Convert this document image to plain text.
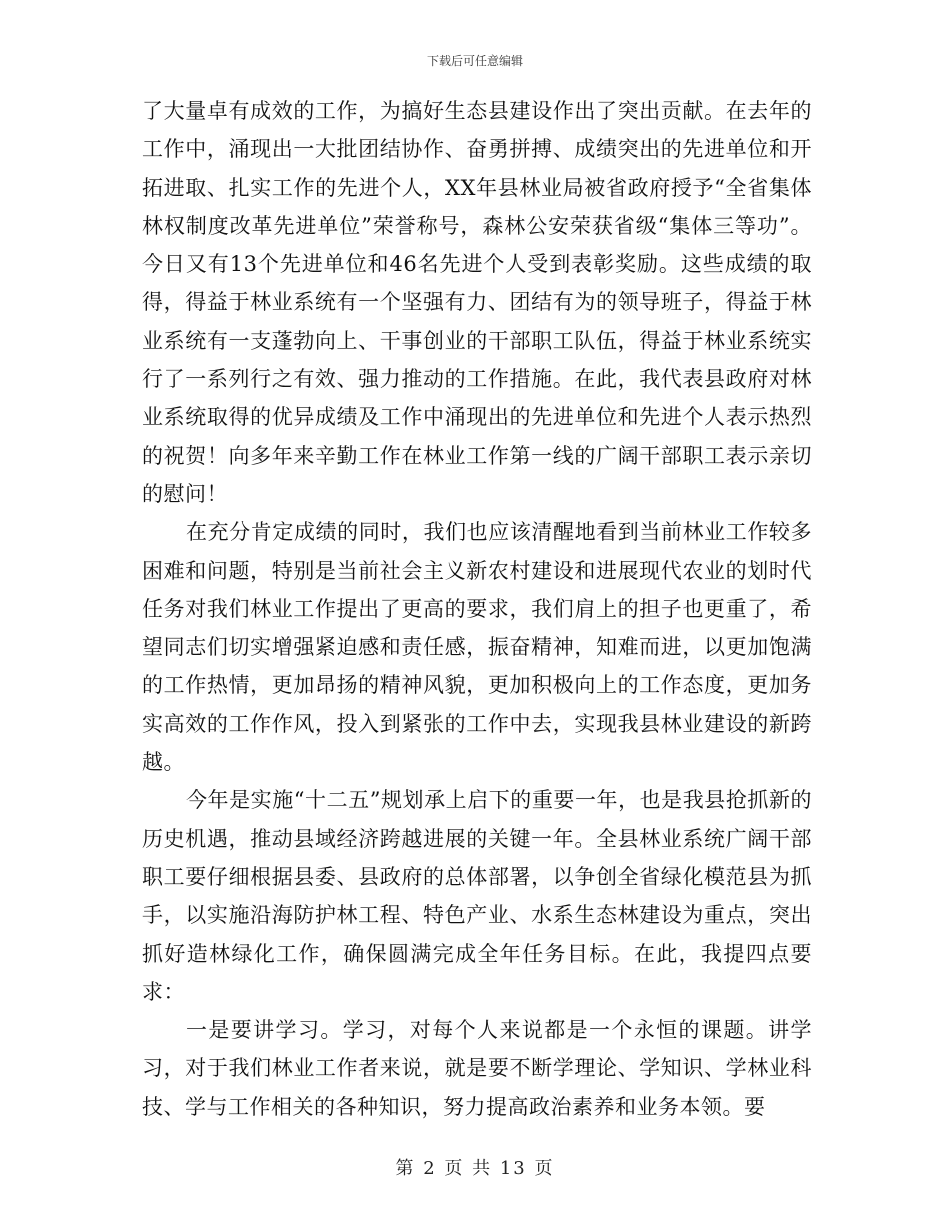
下载后可任意编辑

了大量卓有成效的工作，为搞好生态县建设作出了突出贡献。在去年的工作中，涌现出一大批团结协作、奋勇拼搏、成绩突出的先进单位和开拓进取、扎实工作的先进个人，XX年县林业局被省政府授予“全省集体林权制度改革先进单位”荣誉称号，森林公安荣获省级“集体三等功”。今日又有13个先进单位和46名先进个人受到表彰奖励。这些成绩的取得，得益于林业系统有一个坚强有力、团结有为的领导班子，得益于林业系统有一支蓬勃向上、干事创业的干部职工队伍，得益于林业系统实行了一系列行之有效、强力推动的工作措施。在此，我代表县政府对林业系统取得的优异成绩及工作中涌现出的先进单位和先进个人表示热烈的祝贺！向多年来辛勤工作在林业工作第一线的广阔干部职工表示亲切的慰问！

在充分肯定成绩的同时，我们也应该清醒地看到当前林业工作较多困难和问题，特别是当前社会主义新农村建设和进展现代农业的划时代任务对我们林业工作提出了更高的要求，我们肩上的担子也更重了，希望同志们切实增强紧迫感和责任感，振奋精神，知难而进，以更加饱满的工作热情，更加昂扬的精神风貌，更加积极向上的工作态度，更加务实高效的工作作风，投入到紧张的工作中去，实现我县林业建设的新跨越。

今年是实施“十二五”规划承上启下的重要一年，也是我县抢抓新的历史机遇，推动县域经济跨越进展的关键一年。全县林业系统广阔干部职工要仔细根据县委、县政府的总体部署，以争创全省绿化模范县为抓手，以实施沿海防护林工程、特色产业、水系生态林建设为重点，突出抓好造林绿化工作，确保圆满完成全年任务目标。在此，我提四点要求：

一是要讲学习。学习，对每个人来说都是一个永恒的课题。讲学习，对于我们林业工作者来说，就是要不断学理论、学知识、学林业科技、学与工作相关的各种知识，努力提高政治素养和业务本领。要

第 2 页 共 13 页
